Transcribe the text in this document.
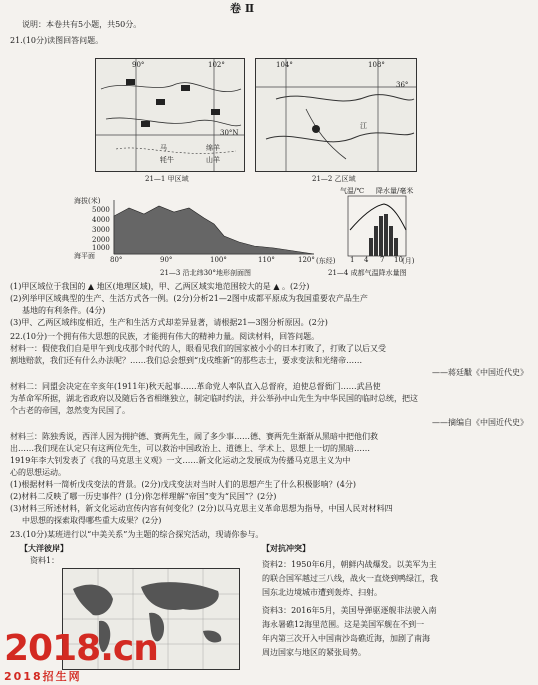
卷 Ⅱ
说明：本卷共有5小题，共50分。
21.(10分)读图回答问题。
90°	102°
30°N
马
牦牛
绵羊
山羊
21—1 甲区域
104°	108°
36°
江
21—2 乙区域
海拔(米)
5000
4000
3000
2000
1000
海平面 80°	90°	100°	110°	120° (东经)
21—3 沿北纬30°地形剖面图
气温/℃ 降水量/毫米
1 4 7 10 (月)
21—4 成都气温降水量图
(1)甲区域位于我国的 ▲ 地区(地理区域)，甲、乙两区域实地范围较大的是 ▲ 。(2分)
(2)列举甲区域典型的生产、生活方式各一例。(2分)分析21—2图中成都平原成为我国重要农产品生产
基地的有利条件。(4分)
(3)甲、乙两区域纬度相近，生产和生活方式却差异显著，请根据21—3图分析原因。(2分)
22.(10分)一个拥有伟大思想的民族，才能拥有伟大的精神力量。阅读材料，回答问题。
材料一：假使我们自是甲午到戊戌那个时代的人，眼看见我们的国家被小小的日本打败了，打败了以后又受
割地赔款，我们还有什么办法呢？……我们总会想到“戊戌维新”的那些志士，要求变法和光绪帝……
——蒋廷黻《中国近代史》
材料二：同盟会决定在辛亥年(1911年)秋天起事……革命党人率队直入总督府，迫使总督衙门……武昌使
为革命军所据，湖北省政府以及随后各省相继独立，制定临时约法，并公举孙中山先生为中华民国的临时总统，把这
个古老的帝国，忽然变为民国了。
——摘编自《中国近代史》
材料三：陈独秀说，西洋人因为拥护德、赛两先生，闹了多少事……德、赛两先生渐渐从黑暗中把他们救
出……我们现在认定只有这两位先生，可以救治中国政治上、道德上、学术上、思想上一切的黑暗……
1919年李大钊发表了《我的马克思主义观》一文……新文化运动之发展成为传播马克思主义为中
心的思想运动。
(1)根据材料一简析戊戌变法的背景。(2分)戊戌变法对当时人们的思想产生了什么积极影响？(4分)
(2)材料二反映了哪一历史事件？(1分)你怎样理解“帝国”变为“民国”？(2分)
(3)材料三所述材料，新文化运动宣传内容有何变化？(2分)以马克思主义革命思想为指导，中国人民对材料四
中思想的探索取得哪些重大成果？(2分)
23.(10分)某班进行以“中美关系”为主题的综合探究活动，现请你参与。
【大洋彼岸】	【对抗冲突】
资料1：	资料2：1950年6月，朝鲜内战爆发。以美军为主
的联合国军越过三八线，战火一直烧到鸭绿江，我
国东北边境城市遭到轰炸、扫射。
资料3：2016年5月，美国导弹驱逐舰非法驶入南
海永暑礁12海里范围。这是美国军舰在不到一
年内第三次开入中国南沙岛礁近海，加剧了南海
周边国家与地区的紧张局势。
2018.cn
2018招生网
